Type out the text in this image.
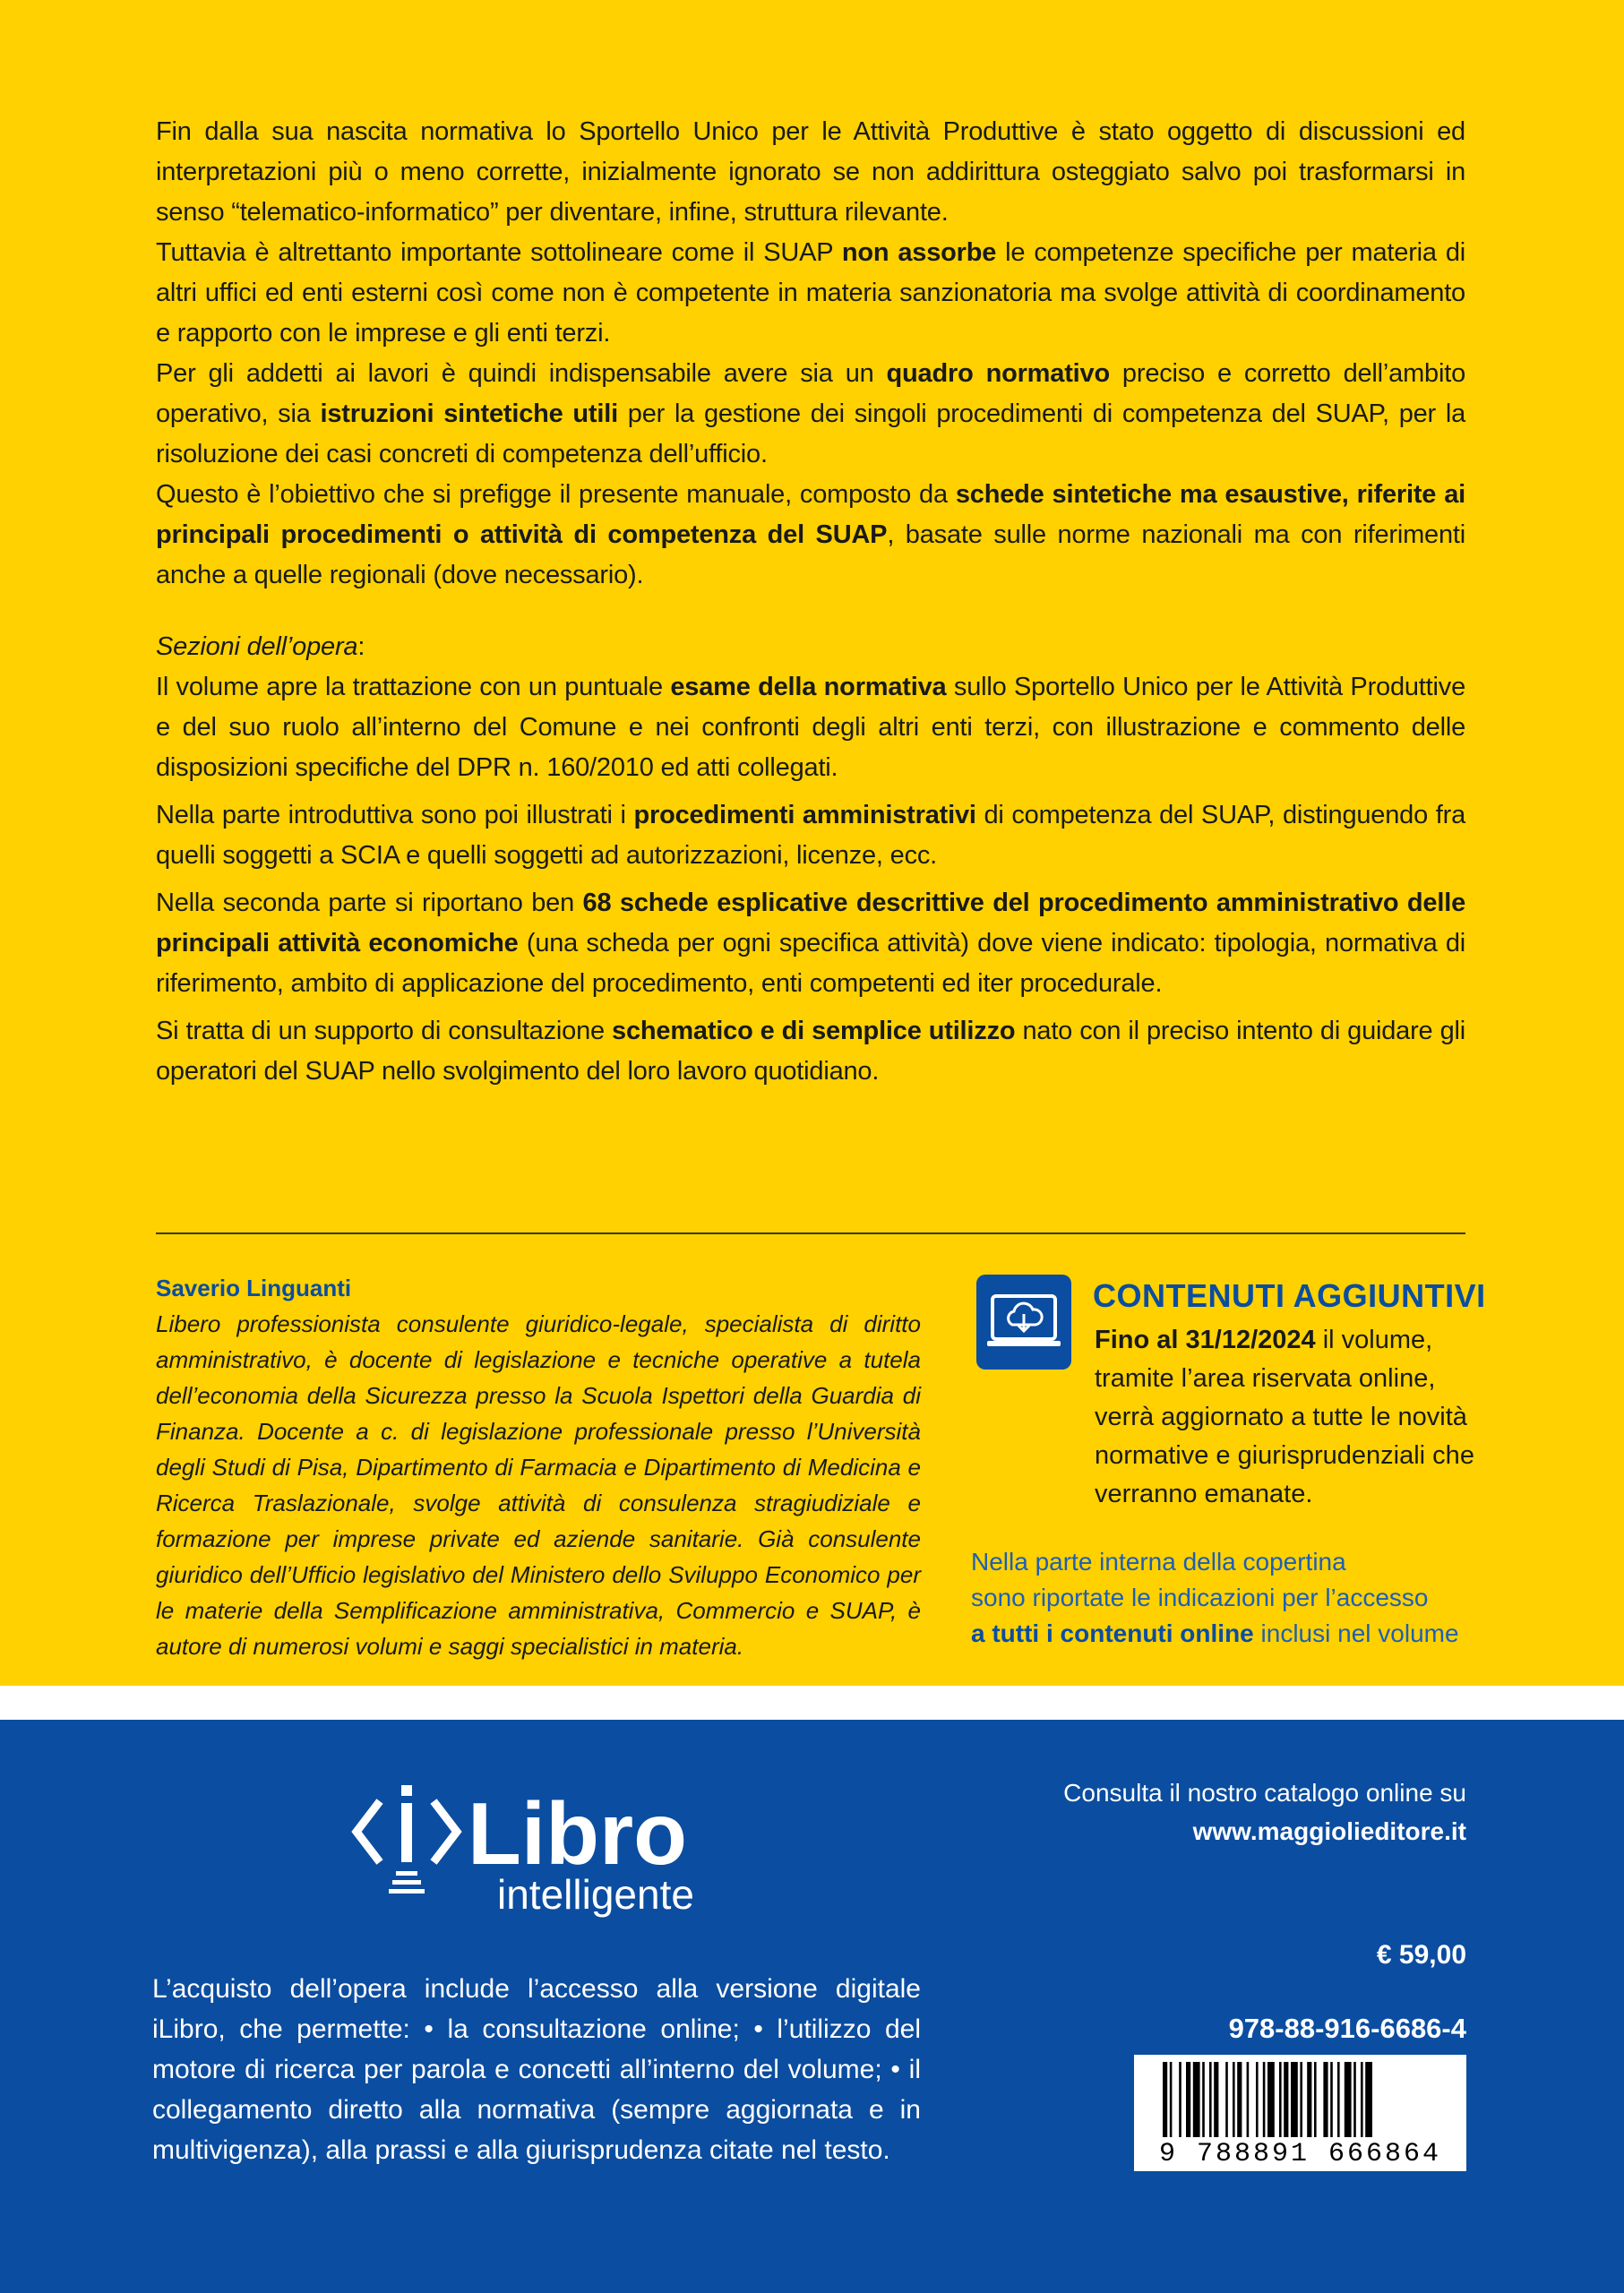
Fin dalla sua nascita normativa lo Sportello Unico per le Attività Produttive è stato oggetto di discussioni ed interpretazioni più o meno corrette, inizialmente ignorato se non addirittura osteggiato salvo poi trasformarsi in senso “telematico-informatico” per diventare, infine, struttura rilevante.

Tuttavia è altrettanto importante sottolineare come il SUAP non assorbe le competenze specifiche per materia di altri uffici ed enti esterni così come non è competente in materia sanzionatoria ma svolge attività di coordinamento e rapporto con le imprese e gli enti terzi.

Per gli addetti ai lavori è quindi indispensabile avere sia un quadro normativo preciso e corretto dell’ambito operativo, sia istruzioni sintetiche utili per la gestione dei singoli procedimenti di competenza del SUAP, per la risoluzione dei casi concreti di competenza dell’ufficio.

Questo è l’obiettivo che si prefigge il presente manuale, composto da schede sintetiche ma esaustive, riferite ai principali procedimenti o attività di competenza del SUAP, basate sulle norme nazionali ma con riferimenti anche a quelle regionali (dove necessario).

Sezioni dell’opera:

Il volume apre la trattazione con un puntuale esame della normativa sullo Sportello Unico per le Attività Produttive e del suo ruolo all’interno del Comune e nei confronti degli altri enti terzi, con illustrazione e commento delle disposizioni specifiche del DPR n. 160/2010 ed atti collegati.

Nella parte introduttiva sono poi illustrati i procedimenti amministrativi di competenza del SUAP, distinguendo fra quelli soggetti a SCIA e quelli soggetti ad autorizzazioni, licenze, ecc.

Nella seconda parte si riportano ben 68 schede esplicative descrittive del procedimento amministrativo delle principali attività economiche (una scheda per ogni specifica attività) dove viene indicato: tipologia, normativa di riferimento, ambito di applicazione del procedimento, enti competenti ed iter procedurale.

Si tratta di un supporto di consultazione schematico e di semplice utilizzo nato con il preciso intento di guidare gli operatori del SUAP nello svolgimento del loro lavoro quotidiano.

Saverio Linguanti
Libero professionista consulente giuridico-legale, specialista di diritto amministrativo, è docente di legislazione e tecniche operative a tutela dell’economia della Sicurezza presso la Scuola Ispettori della Guardia di Finanza. Docente a c. di legislazione professionale presso l’Università degli Studi di Pisa, Dipartimento di Farmacia e Dipartimento di Medicina e Ricerca Traslazionale, svolge attività di consulenza stragiudiziale e formazione per imprese private ed aziende sanitarie. Già consulente giuridico dell’Ufficio legislativo del Ministero dello Sviluppo Economico per le materie della Semplificazione amministrativa, Commercio e SUAP, è autore di numerosi volumi e saggi specialistici in materia.
CONTENUTI AGGIUNTIVI
Fino al 31/12/2024 il volume, tramite l’area riservata online, verrà aggiornato a tutte le novità normative e giurisprudenziali che verranno emanate.
Nella parte interna della copertina
sono riportate le indicazioni per l’accesso
a tutti i contenuti online inclusi nel volume
Libro
intelligente
L’acquisto dell’opera include l’accesso alla versione digitale iLibro, che permette: • la consultazione online; • l’utilizzo del motore di ricerca per parola e concetti all’interno del volume; • il collegamento diretto alla normativa (sempre aggiornata e in multivigenza), alla prassi e alla giurisprudenza citate nel testo.
Consulta il nostro catalogo online su
www.maggiolieditore.it
€ 59,00
978-88-916-6686-4
9 788891 666864
